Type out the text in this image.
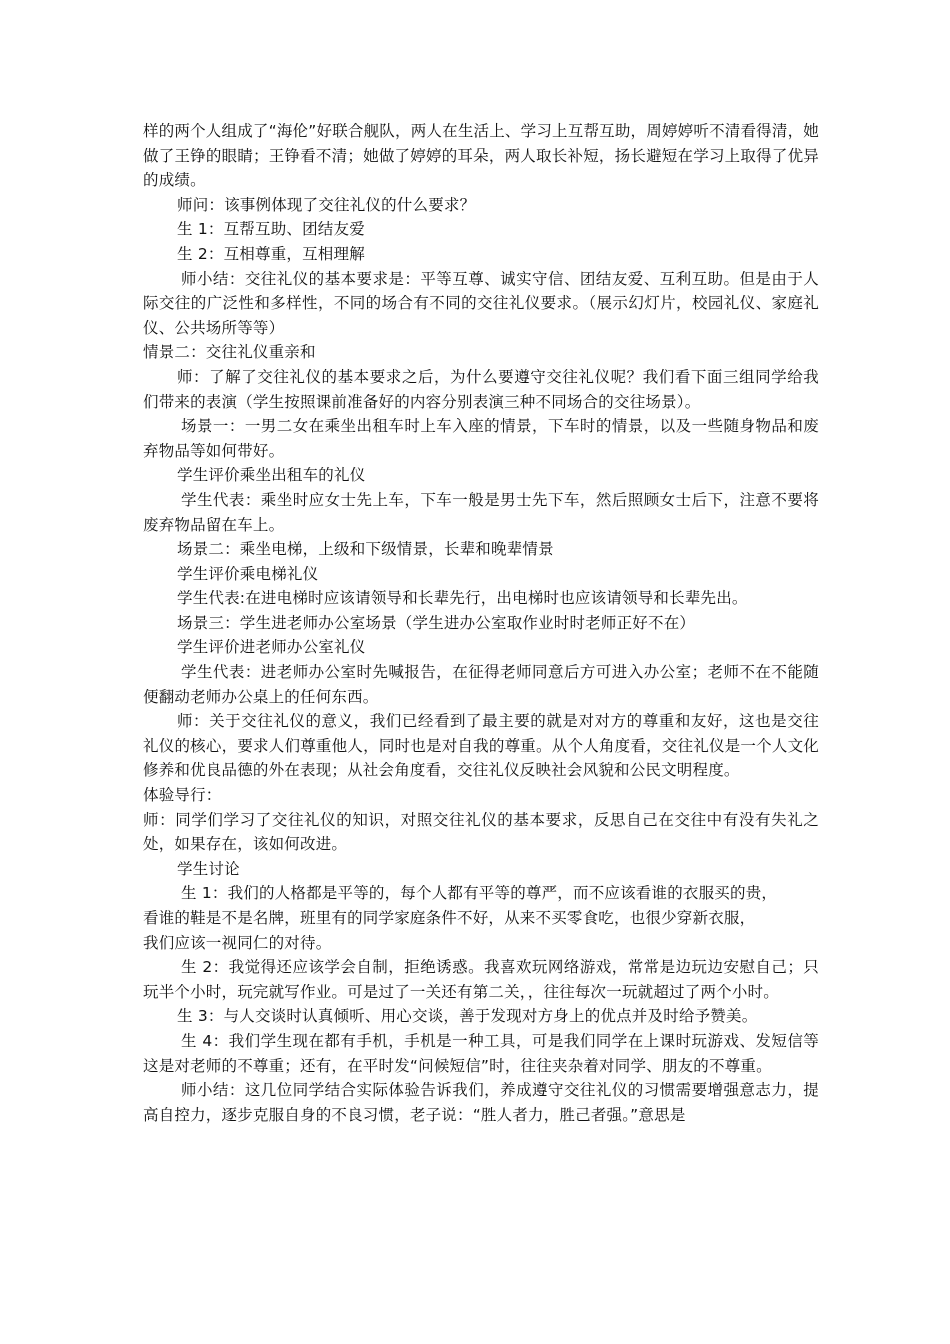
样的两个人组成了“海伦”好联合舰队，两人在生活上、学习上互帮互助，周婷婷听不清看得清，她做了王铮的眼睛；王铮看不清；她做了婷婷的耳朵，两人取长补短，扬长避短在学习上取得了优异的成绩。

师问：该事例体现了交往礼仪的什么要求？

生 1：互帮互助、团结友爱

生 2：互相尊重，互相理解

师小结：交往礼仪的基本要求是：平等互尊、诚实守信、团结友爱、互利互助。但是由于人际交往的广泛性和多样性，不同的场合有不同的交往礼仪要求。（展示幻灯片，校园礼仪、家庭礼仪、公共场所等等）

情景二：交往礼仪重亲和

师：了解了交往礼仪的基本要求之后，为什么要遵守交往礼仪呢？我们看下面三组同学给我们带来的表演（学生按照课前准备好的内容分别表演三种不同场合的交往场景）。

场景一：一男二女在乘坐出租车时上车入座的情景，下车时的情景，以及一些随身物品和废弃物品等如何带好。

学生评价乘坐出租车的礼仪

学生代表：乘坐时应女士先上车，下车一般是男士先下车，然后照顾女士后下，注意不要将废弃物品留在车上。

场景二：乘坐电梯，上级和下级情景，长辈和晚辈情景

学生评价乘电梯礼仪

学生代表:在进电梯时应该请领导和长辈先行，出电梯时也应该请领导和长辈先出。

场景三：学生进老师办公室场景（学生进办公室取作业时时老师正好不在）

学生评价进老师办公室礼仪

学生代表：进老师办公室时先喊报告，在征得老师同意后方可进入办公室；老师不在不能随便翻动老师办公桌上的任何东西。

师：关于交往礼仪的意义，我们已经看到了最主要的就是对对方的尊重和友好，这也是交往礼仪的核心，要求人们尊重他人，同时也是对自我的尊重。从个人角度看，交往礼仪是一个人文化修养和优良品德的外在表现；从社会角度看，交往礼仪反映社会风貌和公民文明程度。

体验导行：

师：同学们学习了交往礼仪的知识，对照交往礼仪的基本要求，反思自己在交往中有没有失礼之处，如果存在，该如何改进。

学生讨论

生 1：我们的人格都是平等的，每个人都有平等的尊严，而不应该看谁的衣服买的贵，

看谁的鞋是不是名牌，班里有的同学家庭条件不好，从来不买零食吃，也很少穿新衣服，

我们应该一视同仁的对待。

生 2：我觉得还应该学会自制，拒绝诱惑。我喜欢玩网络游戏，常常是边玩边安慰自己；只玩半个小时，玩完就写作业。可是过了一关还有第二关，，往往每次一玩就超过了两个小时。

生 3：与人交谈时认真倾听、用心交谈，善于发现对方身上的优点并及时给予赞美。

生 4：我们学生现在都有手机，手机是一种工具，可是我们同学在上课时玩游戏、发短信等这是对老师的不尊重；还有，在平时发“问候短信”时，往往夹杂着对同学、朋友的不尊重。

师小结：这几位同学结合实际体验告诉我们，养成遵守交往礼仪的习惯需要增强意志力，提高自控力，逐步克服自身的不良习惯，老子说：“胜人者力，胜己者强。”意思是
